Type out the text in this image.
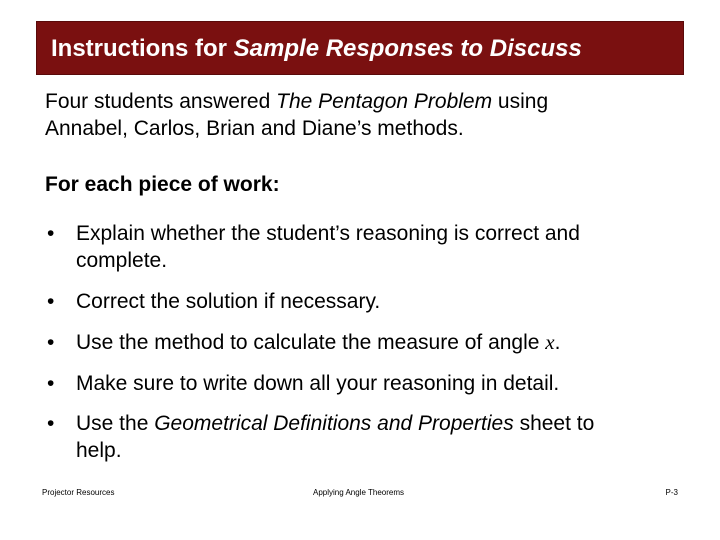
Instructions for Sample Responses to Discuss
Four students answered The Pentagon Problem using
Annabel, Carlos, Brian and Diane’s methods.
For each piece of work:
• Explain whether the student’s reasoning is correct and
complete.
• Correct the solution if necessary.
• Use the method to calculate the measure of angle x.
• Make sure to write down all your reasoning in detail.
• Use the Geometrical Definitions and Properties sheet to
help.
Projector Resources	Applying Angle Theorems	P-3
